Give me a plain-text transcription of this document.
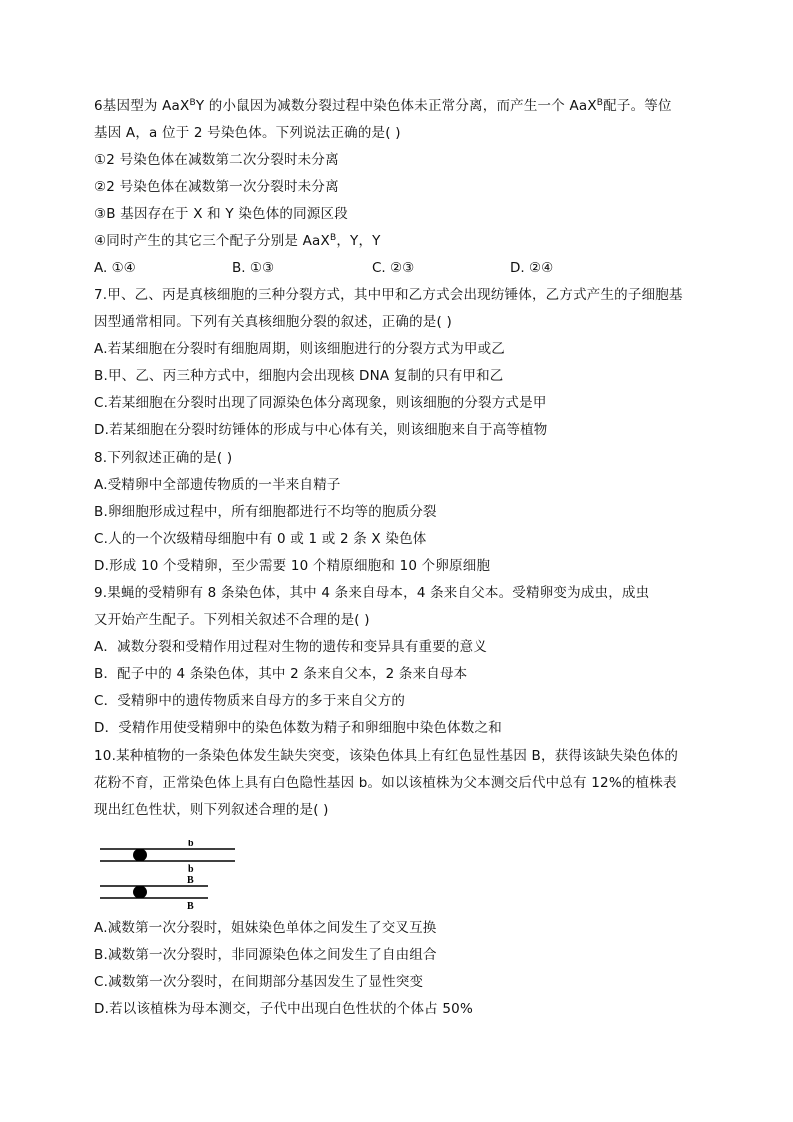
6基因型为 AaX$^B$Y 的小鼠因为减数分裂过程中染色体未正常分离，而产生一个 AaX$^B$配子。等位
基因 A，a 位于 2 号染色体。下列说法正确的是( )
①2 号染色体在减数第二次分裂时未分离
②2 号染色体在减数第一次分裂时未分离
③B 基因存在于 X 和 Y 染色体的同源区段
④同时产生的其它三个配子分别是 AaX$^B$，Y，Y
A. ①④	B. ①③	C. ②③	D. ②④
7.甲、乙、丙是真核细胞的三种分裂方式，其中甲和乙方式会出现纺锤体，乙方式产生的子细胞基
因型通常相同。下列有关真核细胞分裂的叙述，正确的是( )
A.若某细胞在分裂时有细胞周期，则该细胞进行的分裂方式为甲或乙
B.甲、乙、丙三种方式中，细胞内会出现核 DNA 复制的只有甲和乙
C.若某细胞在分裂时出现了同源染色体分离现象，则该细胞的分裂方式是甲
D.若某细胞在分裂时纺锤体的形成与中心体有关，则该细胞来自于高等植物
8.下列叙述正确的是( )
A.受精卵中全部遗传物质的一半来自精子
B.卵细胞形成过程中，所有细胞都进行不均等的胞质分裂
C.人的一个次级精母细胞中有 0 或 1 或 2 条 X 染色体
D.形成 10 个受精卵，至少需要 10 个精原细胞和 10 个卵原细胞
9.果蝇的受精卵有 8 条染色体，其中 4 条来自母本，4 条来自父本。受精卵变为成虫，成虫
又开始产生配子。下列相关叙述不合理的是( )
A．减数分裂和受精作用过程对生物的遗传和变异具有重要的意义
B．配子中的 4 条染色体，其中 2 条来自父本，2 条来自母本
C．受精卵中的遗传物质来自母方的多于来自父方的
D．受精作用使受精卵中的染色体数为精子和卵细胞中染色体数之和
10.某种植物的一条染色体发生缺失突变，该染色体具上有红色显性基因 B，获得该缺失染色体的
花粉不育，正常染色体上具有白色隐性基因 b。如以该植株为父本测交后代中总有 12%的植株表
现出红色性状，则下列叙述合理的是( )
b
b
B
B
A.减数第一次分裂时，姐妹染色单体之间发生了交叉互换
B.减数第一次分裂时，非同源染色体之间发生了自由组合
C.减数第一次分裂时，在间期部分基因发生了显性突变
D.若以该植株为母本测交，子代中出现白色性状的个体占 50%
